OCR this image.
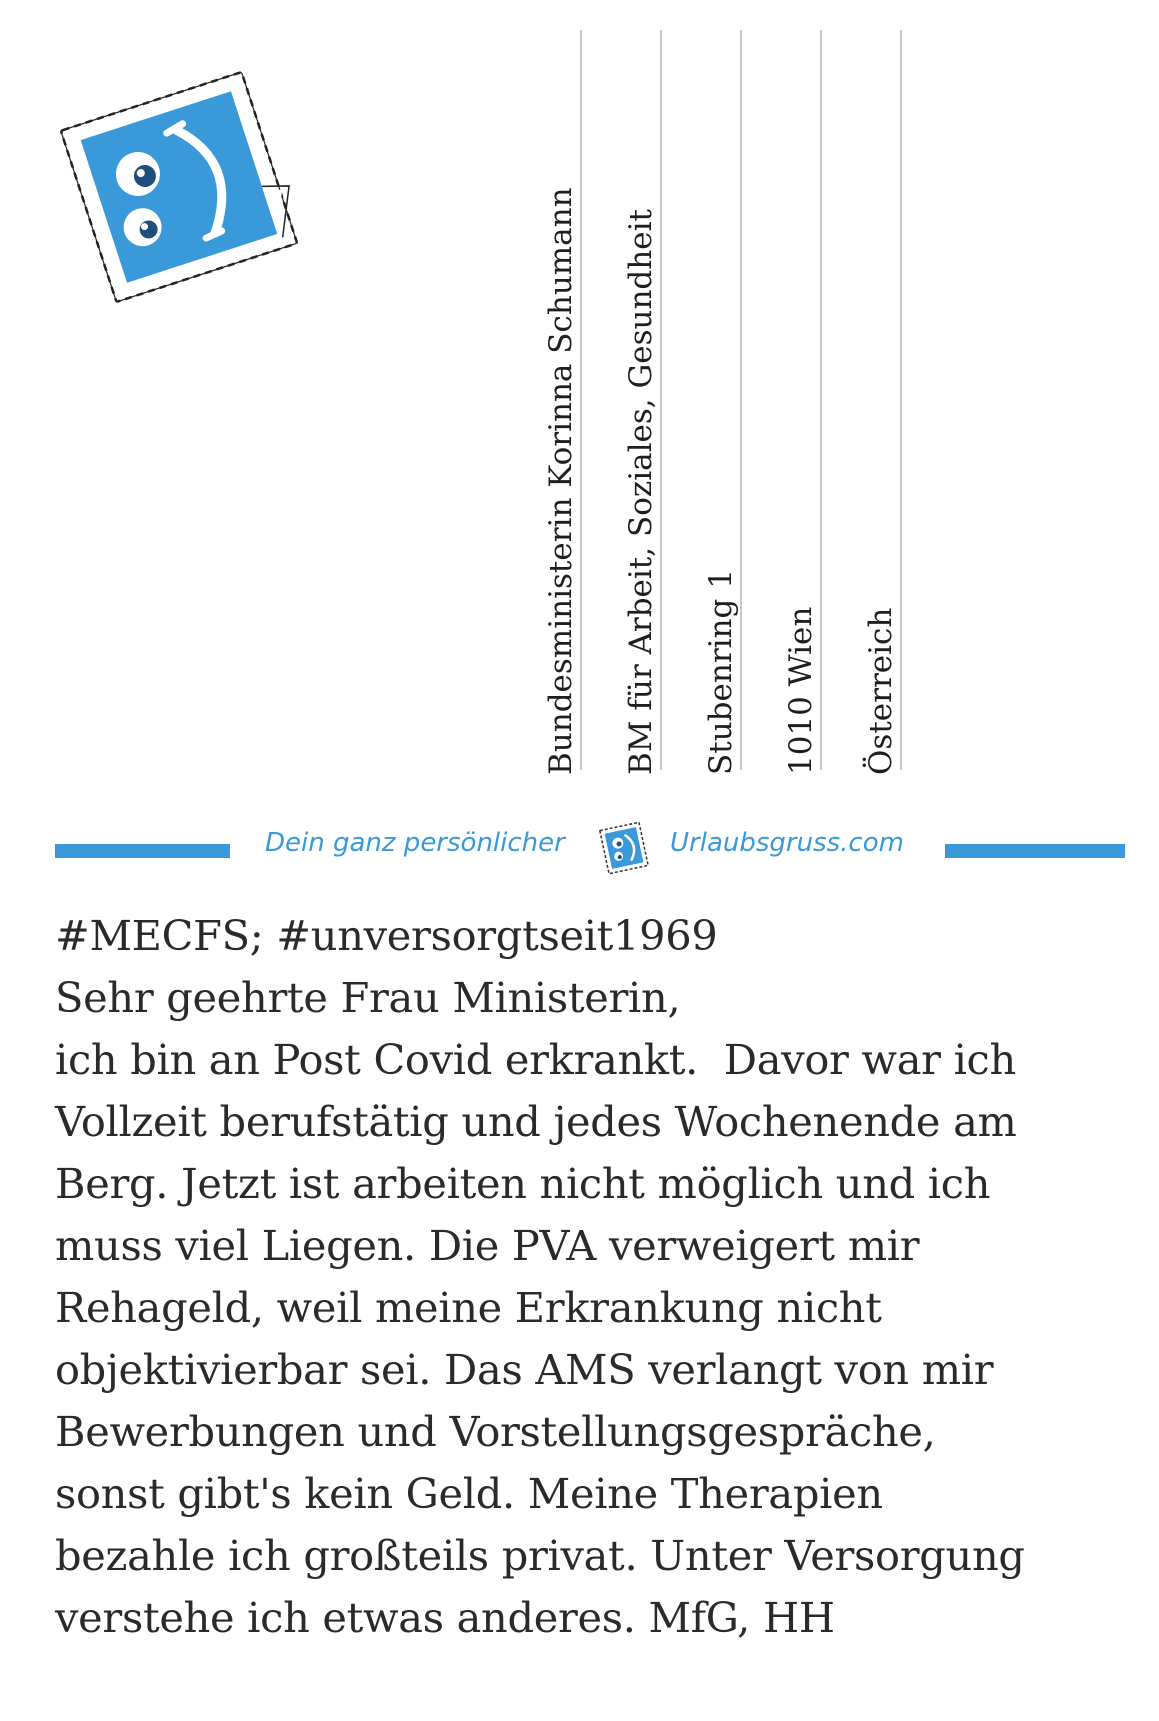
Bundesministerin Korinna Schumann BM für Arbeit, Soziales, Gesundheit Stubenring 1 1010 Wien Österreich
Dein ganz persönlicher	Urlaubsgruss.com
#MECFS; #unversorgtseit1969
Sehr geehrte Frau Ministerin,
ich bin an Post Covid erkrankt.  Davor war ich
Vollzeit berufstätig und jedes Wochenende am
Berg. Jetzt ist arbeiten nicht möglich und ich
muss viel Liegen. Die PVA verweigert mir
Rehageld, weil meine Erkrankung nicht
objektivierbar sei. Das AMS verlangt von mir
Bewerbungen und Vorstellungsgespräche,
sonst gibt's kein Geld. Meine Therapien
bezahle ich großteils privat. Unter Versorgung
verstehe ich etwas anderes. MfG, HH
